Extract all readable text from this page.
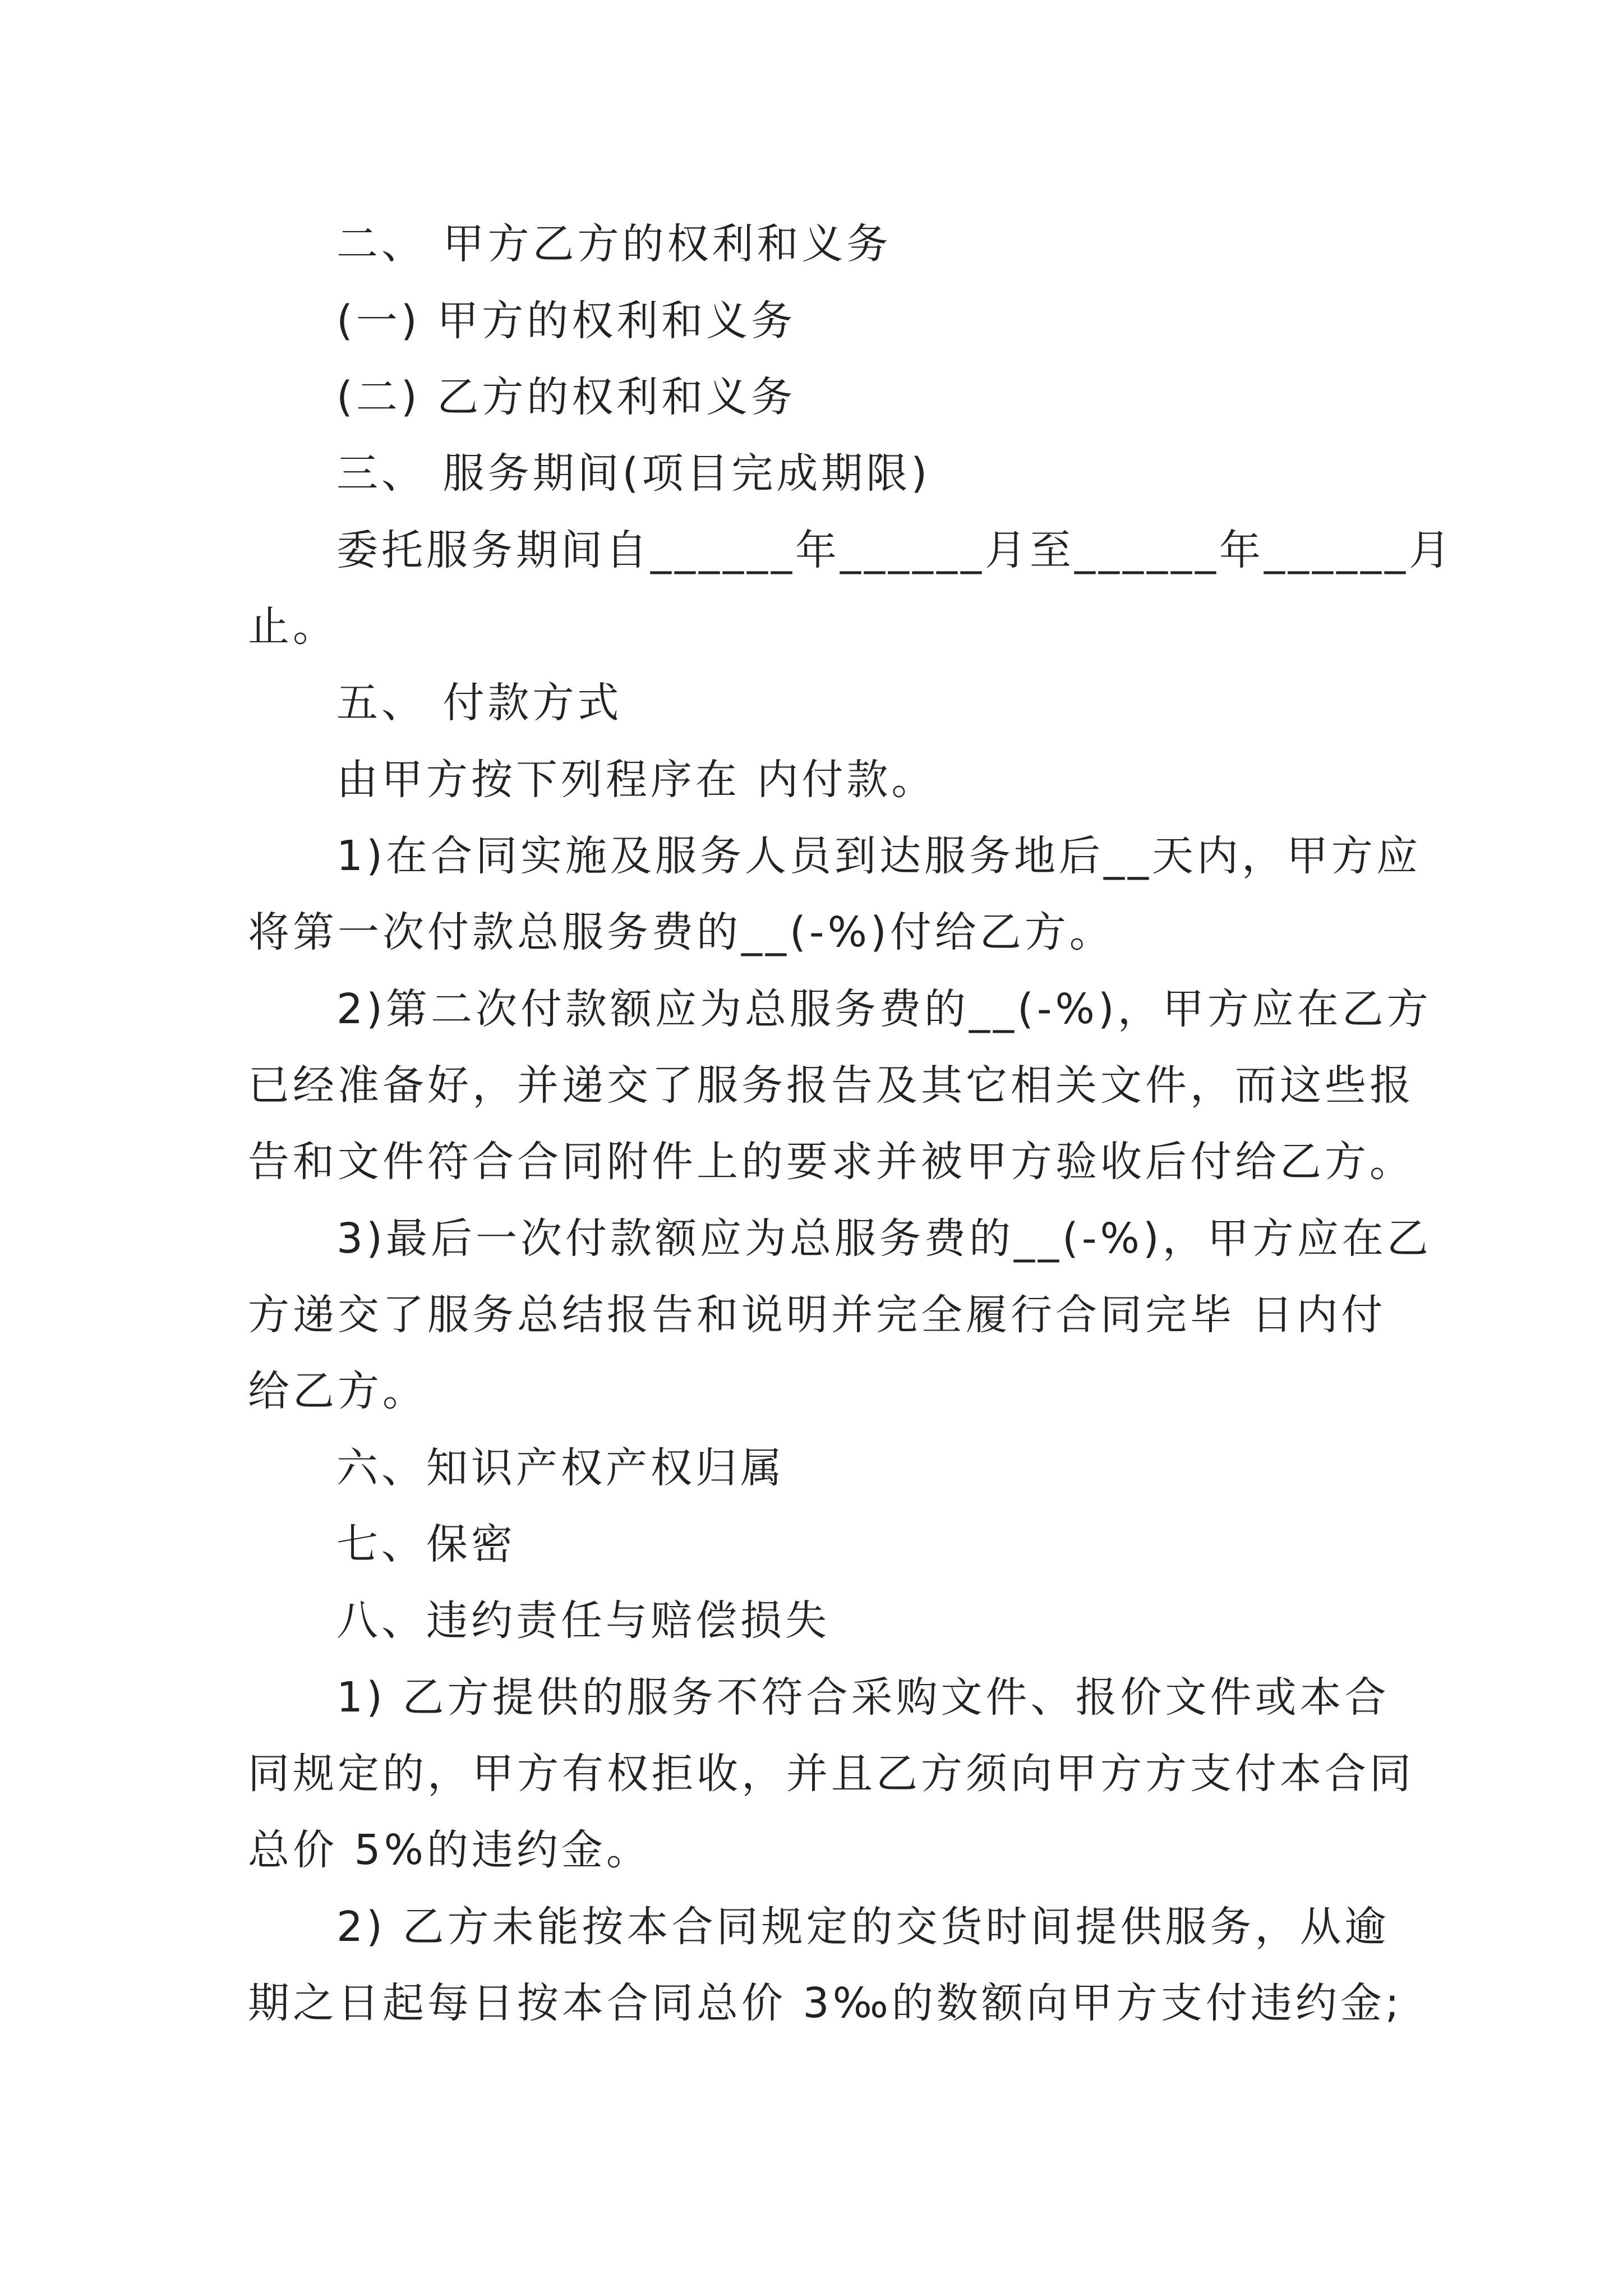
二、 甲方乙方的权利和义务
(一) 甲方的权利和义务
(二) 乙方的权利和义务
三、 服务期间(项目完成期限)
委托服务期间自______年______月至______年______月
止。
五、 付款方式
由甲方按下列程序在 内付款。
1)在合同实施及服务人员到达服务地后__天内，甲方应
将第一次付款总服务费的__(-%)付给乙方。
2)第二次付款额应为总服务费的__(-%)，甲方应在乙方
已经准备好，并递交了服务报告及其它相关文件，而这些报
告和文件符合合同附件上的要求并被甲方验收后付给乙方。
3)最后一次付款额应为总服务费的__(-%)，甲方应在乙
方递交了服务总结报告和说明并完全履行合同完毕 日内付
给乙方。
六、知识产权产权归属
七、保密
八、违约责任与赔偿损失
1) 乙方提供的服务不符合采购文件、报价文件或本合
同规定的，甲方有权拒收，并且乙方须向甲方方支付本合同
总价 5%的违约金。
2) 乙方未能按本合同规定的交货时间提供服务，从逾
期之日起每日按本合同总价 3‰的数额向甲方支付违约金;
